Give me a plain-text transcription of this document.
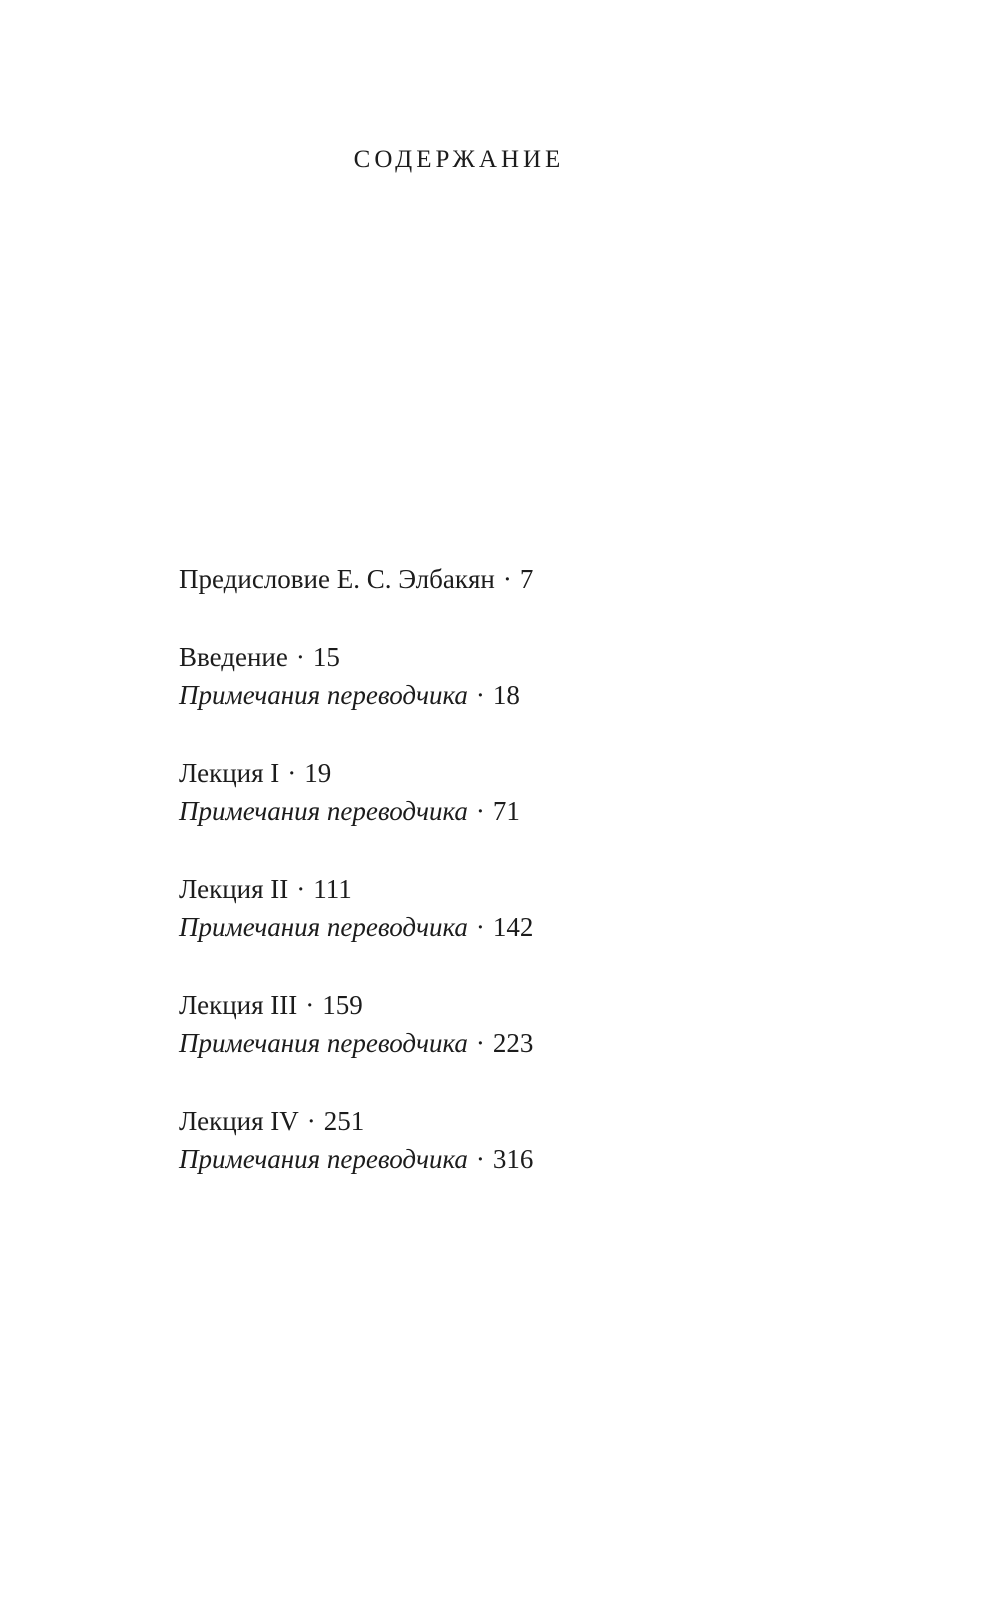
СОДЕРЖАНИЕ
Предисловие Е. С. Элбакян · 7
Введение · 15
Примечания переводчика · 18
Лекция I · 19
Примечания переводчика · 71
Лекция II · 111
Примечания переводчика · 142
Лекция III · 159
Примечания переводчика · 223
Лекция IV · 251
Примечания переводчика · 316
